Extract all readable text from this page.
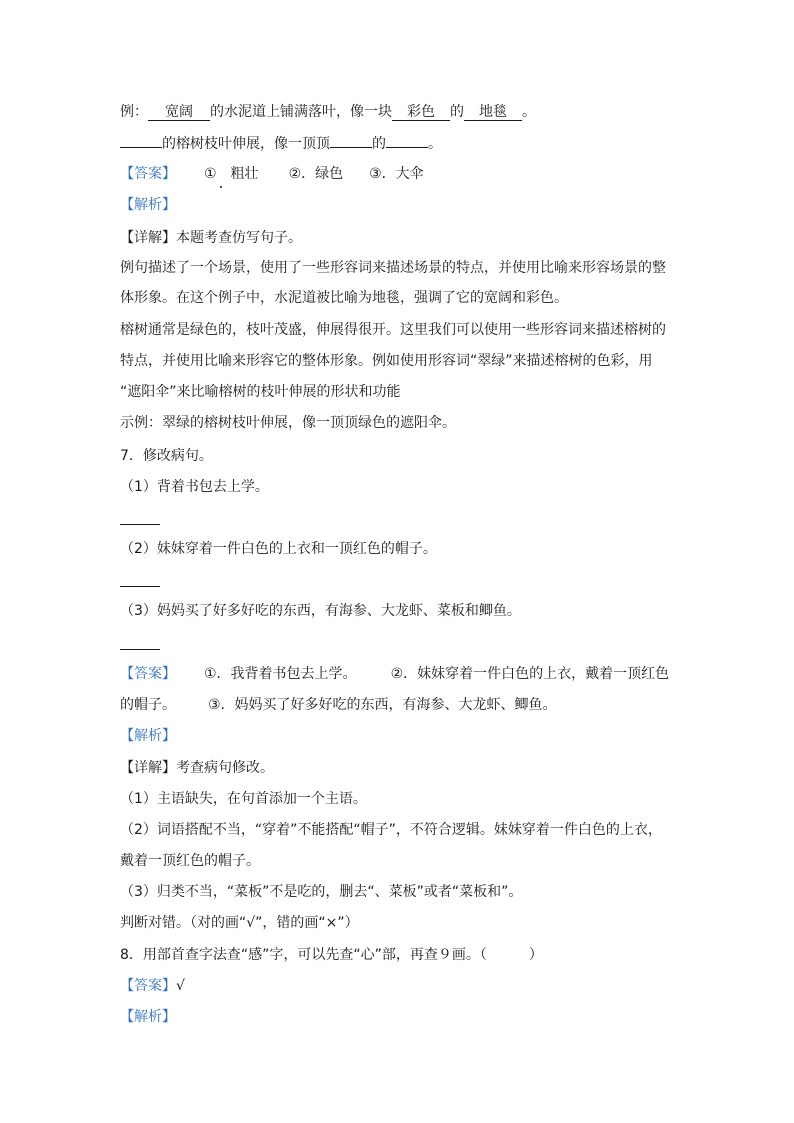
例： 宽阔 的水泥道上铺满落叶，像一块 彩色 的 地毯 。
的榕树枝叶伸展，像一顶顶	的	。
【答案】 ①　粗壮 ②．绿色 ③．大伞
【解析】
【详解】本题考查仿写句子。
例句描述了一个场景，使用了一些形容词来描述场景的特点，并使用比喻来形容场景的整
体形象。在这个例子中，水泥道被比喻为地毯，强调了它的宽阔和彩色。
榕树通常是绿色的，枝叶茂盛，伸展得很开。这里我们可以使用一些形容词来描述榕树的
特点，并使用比喻来形容它的整体形象。例如使用形容词“翠绿”来描述榕树的色彩，用
“遮阳伞”来比喻榕树的枝叶伸展的形状和功能
示例：翠绿的榕树枝叶伸展，像一顶顶绿色的遮阳伞。
7．修改病句。
（1）背着书包去上学。
（2）妹妹穿着一件白色的上衣和一顶红色的帽子。
（3）妈妈买了好多好吃的东西，有海参、大龙虾、菜板和鲫鱼。
【答案】 ①．我背着书包去上学。 ②．妹妹穿着一件白色的上衣，戴着一顶红色
的帽子。 ③．妈妈买了好多好吃的东西，有海参、大龙虾、鲫鱼。
【解析】
【详解】考查病句修改。
（1）主语缺失，在句首添加一个主语。
（2）词语搭配不当，“穿着”不能搭配“帽子”，不符合逻辑。妹妹穿着一件白色的上衣，
戴着一顶红色的帽子。
（3）归类不当，“菜板”不是吃的，删去“、菜板”或者“菜板和”。
判断对错。（对的画“√”，错的画“×”）
8．用部首查字法查“感”字，可以先查“心”部，再查９画。（　　　）
【答案】√
【解析】
